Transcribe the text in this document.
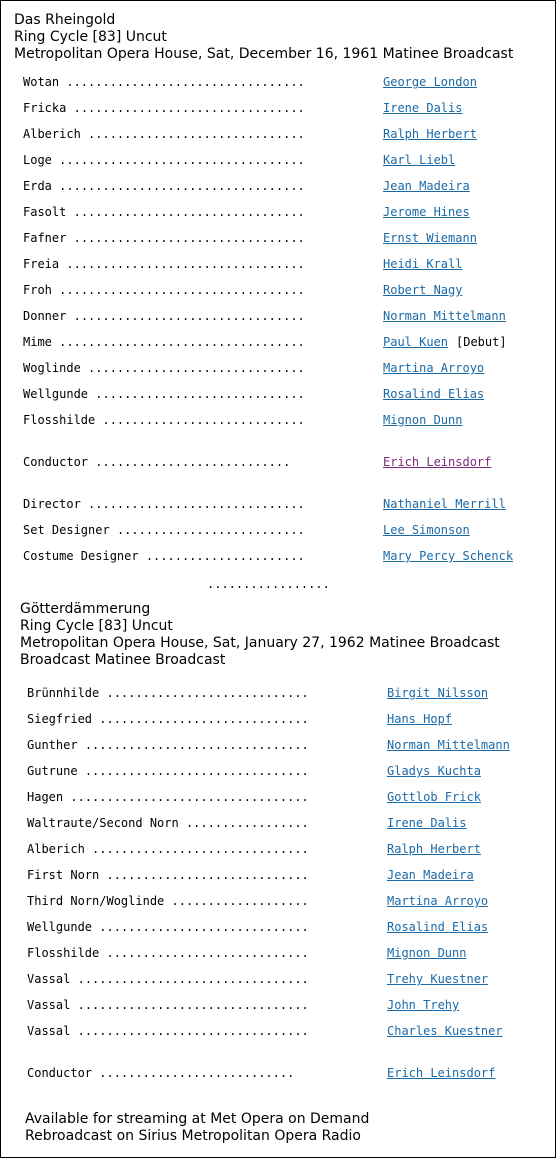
Das Rheingold
Ring Cycle [83] Uncut
Metropolitan Opera House, Sat, December 16, 1961 Matinee Broadcast
Wotan .................................	George London
Fricka ................................	Irene Dalis
Alberich ..............................	Ralph Herbert
Loge ..................................	Karl Liebl
Erda ..................................	Jean Madeira
Fasolt ................................	Jerome Hines
Fafner ................................	Ernst Wiemann
Freia .................................	Heidi Krall
Froh ..................................	Robert Nagy
Donner ................................	Norman Mittelmann
Mime ..................................	Paul Kuen [Debut]
Woglinde ..............................	Martina Arroyo
Wellgunde .............................	Rosalind Elias
Flosshilde ............................	Mignon Dunn
Conductor ...........................	Erich Leinsdorf
Director ..............................	Nathaniel Merrill
Set Designer ..........................	Lee Simonson
Costume Designer ......................	Mary Percy Schenck
.................
Götterdämmerung
Ring Cycle [83] Uncut
Metropolitan Opera House, Sat, January 27, 1962 Matinee Broadcast
Broadcast Matinee Broadcast
Brünnhilde ............................	Birgit Nilsson
Siegfried .............................	Hans Hopf
Gunther ...............................	Norman Mittelmann
Gutrune ...............................	Gladys Kuchta
Hagen .................................	Gottlob Frick
Waltraute/Second Norn .................	Irene Dalis
Alberich ..............................	Ralph Herbert
First Norn ............................	Jean Madeira
Third Norn/Woglinde ...................	Martina Arroyo
Wellgunde .............................	Rosalind Elias
Flosshilde ............................	Mignon Dunn
Vassal ................................	Trehy Kuestner
Vassal ................................	John Trehy
Vassal ................................	Charles Kuestner
Conductor ...........................	Erich Leinsdorf
Available for streaming at Met Opera on Demand
Rebroadcast on Sirius Metropolitan Opera Radio
